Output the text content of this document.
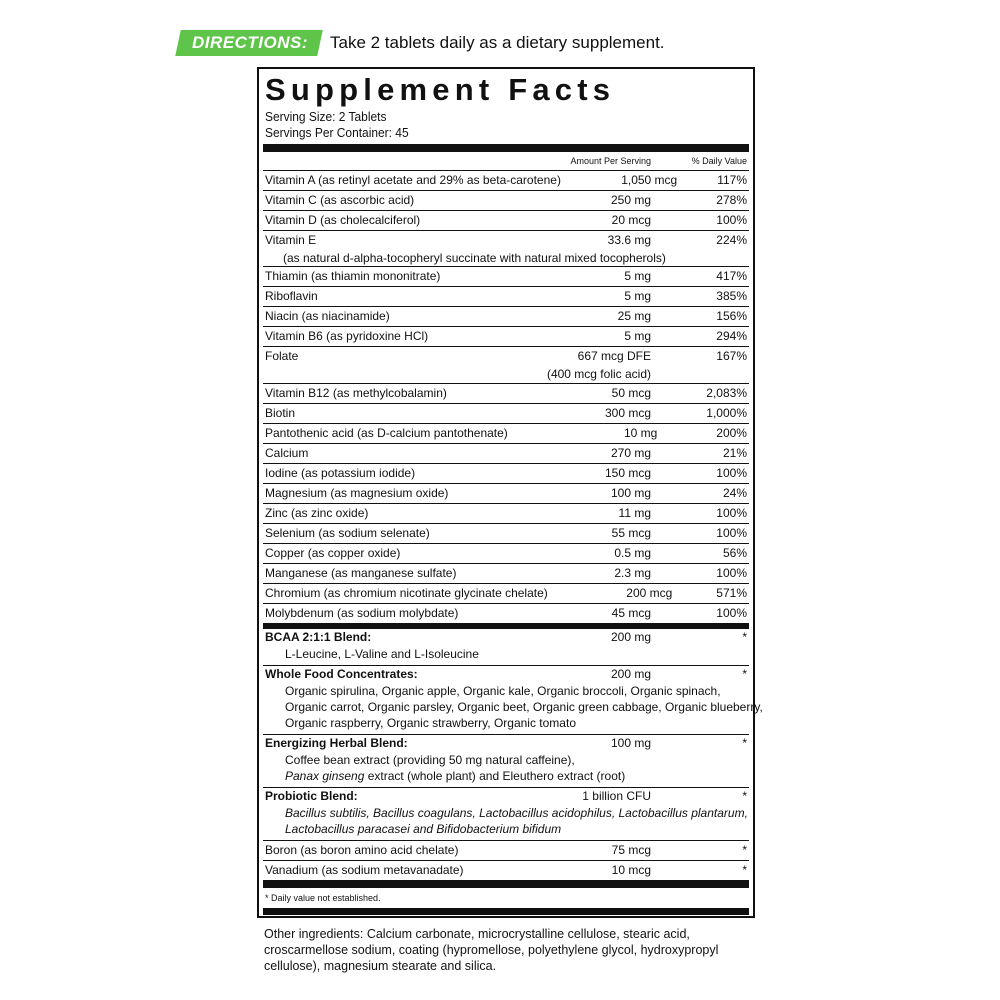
DIRECTIONS:	Take 2 tablets daily as a dietary supplement.
Supplement Facts
Serving Size: 2 Tablets
Servings Per Container: 45
Amount Per Serving	% Daily Value
Vitamin A (as retinyl acetate and 29% as beta-carotene)	1,050 mcg	117%
Vitamin C (as ascorbic acid)	250 mg	278%
Vitamin D (as cholecalciferol)	20 mcg	100%
Vitamin E	33.6 mg	224%
(as natural d-alpha-tocopheryl succinate with natural mixed tocopherols)
Thiamin (as thiamin mononitrate)	5 mg	417%
Riboflavin	5 mg	385%
Niacin (as niacinamide)	25 mg	156%
Vitamin B6 (as pyridoxine HCl)	5 mg	294%
Folate	667 mcg DFE	167%
(400 mcg folic acid)
Vitamin B12 (as methylcobalamin)	50 mcg	2,083%
Biotin	300 mcg	1,000%
Pantothenic acid (as D-calcium pantothenate)	10 mg	200%
Calcium	270 mg	21%
Iodine (as potassium iodide)	150 mcg	100%
Magnesium (as magnesium oxide)	100 mg	24%
Zinc (as zinc oxide)	11 mg	100%
Selenium (as sodium selenate)	55 mcg	100%
Copper (as copper oxide)	0.5 mg	56%
Manganese (as manganese sulfate)	2.3 mg	100%
Chromium (as chromium nicotinate glycinate chelate)	200 mcg	571%
Molybdenum (as sodium molybdate)	45 mcg	100%
BCAA 2:1:1 Blend:	200 mg	*
L-Leucine, L-Valine and L-Isoleucine
Whole Food Concentrates:	200 mg	*
Organic spirulina, Organic apple, Organic kale, Organic broccoli, Organic spinach,
Organic carrot, Organic parsley, Organic beet, Organic green cabbage, Organic blueberry,
Organic raspberry, Organic strawberry, Organic tomato
Energizing Herbal Blend:	100 mg	*
Coffee bean extract (providing 50 mg natural caffeine),
Panax ginseng extract (whole plant) and Eleuthero extract (root)
Probiotic Blend:	1 billion CFU	*
Bacillus subtilis, Bacillus coagulans, Lactobacillus acidophilus, Lactobacillus plantarum,
Lactobacillus paracasei and Bifidobacterium bifidum
Boron (as boron amino acid chelate)	75 mcg	*
Vanadium (as sodium metavanadate)	10 mcg	*
* Daily value not established.
Other ingredients: Calcium carbonate, microcrystalline cellulose, stearic acid, croscarmellose sodium, coating (hypromellose, polyethylene glycol, hydroxypropyl cellulose), magnesium stearate and silica.
